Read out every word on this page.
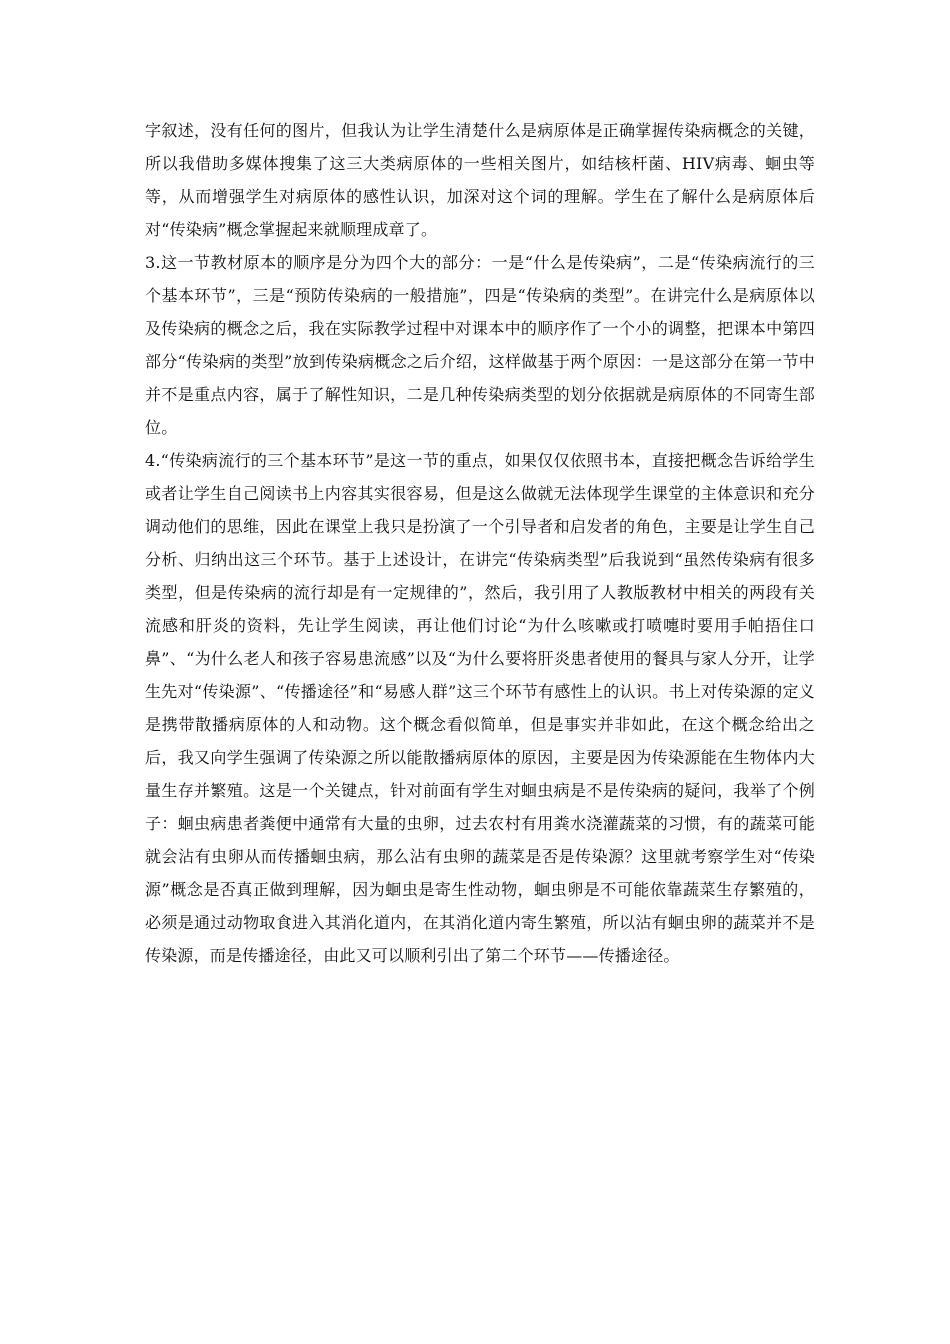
字叙述，没有任何的图片，但我认为让学生清楚什么是病原体是正确掌握传染病概念的关键，所以我借助多媒体搜集了这三大类病原体的一些相关图片，如结核杆菌、HIV病毒、蛔虫等等，从而增强学生对病原体的感性认识，加深对这个词的理解。学生在了解什么是病原体后对“传染病”概念掌握起来就顺理成章了。

3.这一节教材原本的顺序是分为四个大的部分：一是“什么是传染病”，二是“传染病流行的三个基本环节”，三是“预防传染病的一般措施”，四是“传染病的类型”。在讲完什么是病原体以及传染病的概念之后，我在实际教学过程中对课本中的顺序作了一个小的调整，把课本中第四部分“传染病的类型”放到传染病概念之后介绍，这样做基于两个原因：一是这部分在第一节中并不是重点内容，属于了解性知识，二是几种传染病类型的划分依据就是病原体的不同寄生部位。

4.“传染病流行的三个基本环节”是这一节的重点，如果仅仅依照书本，直接把概念告诉给学生或者让学生自己阅读书上内容其实很容易，但是这么做就无法体现学生课堂的主体意识和充分调动他们的思维，因此在课堂上我只是扮演了一个引导者和启发者的角色，主要是让学生自己分析、归纳出这三个环节。基于上述设计，在讲完“传染病类型”后我说到“虽然传染病有很多类型，但是传染病的流行却是有一定规律的”，然后，我引用了人教版教材中相关的两段有关流感和肝炎的资料，先让学生阅读，再让他们讨论“为什么咳嗽或打喷嚏时要用手帕捂住口鼻”、“为什么老人和孩子容易患流感”以及“为什么要将肝炎患者使用的餐具与家人分开，让学生先对“传染源”、“传播途径”和“易感人群”这三个环节有感性上的认识。书上对传染源的定义是携带散播病原体的人和动物。这个概念看似简单，但是事实并非如此，在这个概念给出之后，我又向学生强调了传染源之所以能散播病原体的原因，主要是因为传染源能在生物体内大量生存并繁殖。这是一个关键点，针对前面有学生对蛔虫病是不是传染病的疑问，我举了个例子：蛔虫病患者粪便中通常有大量的虫卵，过去农村有用粪水浇灌蔬菜的习惯，有的蔬菜可能就会沾有虫卵从而传播蛔虫病，那么沾有虫卵的蔬菜是否是传染源？这里就考察学生对“传染源”概念是否真正做到理解，因为蛔虫是寄生性动物，蛔虫卵是不可能依靠蔬菜生存繁殖的，必须是通过动物取食进入其消化道内，在其消化道内寄生繁殖，所以沾有蛔虫卵的蔬菜并不是传染源，而是传播途径，由此又可以顺利引出了第二个环节——传播途径。
